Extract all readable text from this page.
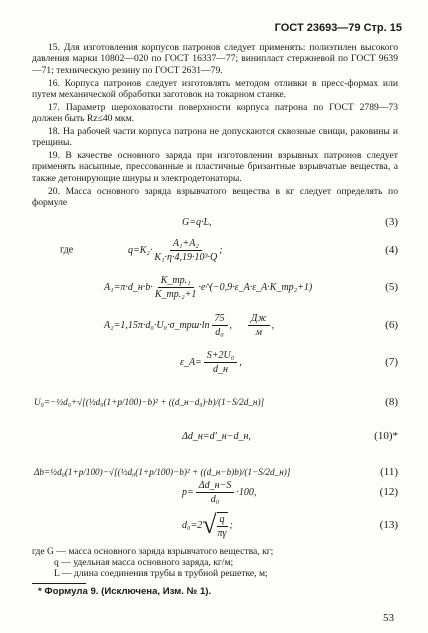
ГОСТ 23693—79 Стр. 15

15. Для изготовления корпусов патронов следует применять: полиэтилен высокого давления марки 10802—020 по ГОСТ 16337—77; винипласт стержневой по ГОСТ 9639—71; техническую резину по ГОСТ 2631—79.

16. Корпуса патронов следует изготовлять методом отливки в пресс-формах или путем механической обработки заготовок на токарном станке.

17. Параметр шероховатости поверхности корпуса патрона по ГОСТ 2789—73 должен быть Rz≤40 мкм.

18. На рабочей части корпуса патрона не допускаются сквозные свищи, раковины и трещины.

19. В качестве основного заряда при изготовлении взрывных патронов следует применять насыпные, прессованные и пластичные бризантные взрывчатые вещества, а также детонирующие шнуры и электродетонаторы.

20. Масса основного заряда взрывчатого вещества в кг следует определять по формуле

G=q·L,	(3)
где	$q=K_2\cdot \frac{\text{A₁+A₂}}{\text{K₁·η·4,19·10³·Q}}$ ;	(4)
A₁=π·d_н·b· $\frac{\text{K\_тр.₁}}{\text{K\_тр.₂+1}}$ ·e^(−0,9·ε_A·ε_A·K_тр₂+1)	(5)
A₂=1,15π·d₀·U₀·σ_трш·ln $\frac{75}{\text{d₀}}$ , $\frac{Дж}{м}$ ,	(6)
ε_A= $\frac{\text{S+2U₀}}{d\_н}$ ,	(7)
U₀=−½d₀+√[(½d₀(1+p/100)−b)² + ((d_н−d₀)·b)/(1−S/2d_н)]	(8)
Δd_н=d′_н−d_н,	(10)*
Δb=½d₀(1+p/100)−√[(½d₀(1+p/100)−b)² + ((d_н−b)b)/(1−S/2d_н)]	(11)
$p= \frac{\Delta d\_н-S}{\text{d₀}} \cdot 100$,	(12)
d₀=2 √ $\frac{q}{\pi\gamma}$ ;	(13)
где G — масса основного заряда взрывчатого вещества, кг;
q — удельная масса основного заряда, кг/м;
L — длина соединения трубы в трубной решетке, м;
* Формула 9. (Исключена, Изм. № 1).
53
